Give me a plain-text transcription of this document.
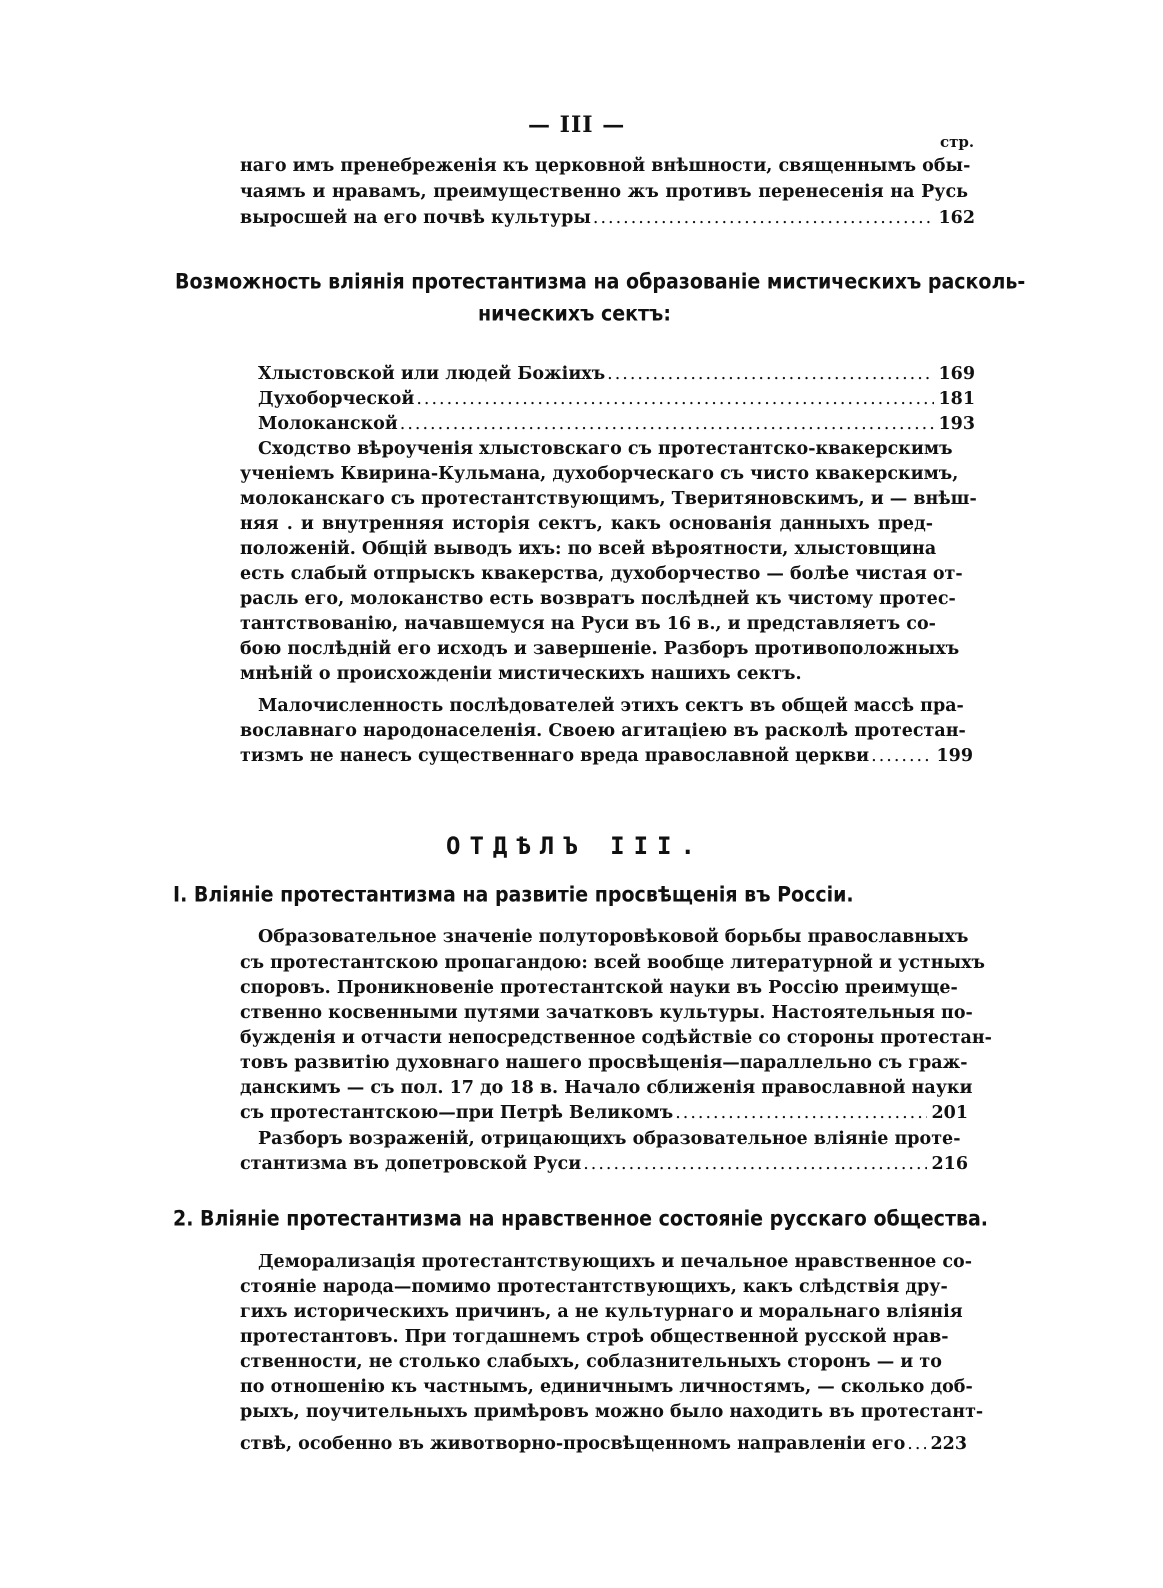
— III —
стр.
наго имъ пренебреженія къ церковной внѣшности, священнымъ обы-
чаямъ и нравамъ, преимущественно жъ противъ перенесенія на Русь
выросшей на его почвѣ культуры .....	162
Возможность вліянія протестантизма на образованіе мистическихъ расколь-
ническихъ сектъ:
Хлыстовской или людей Божіихъ .....	169
Духоборческой .....	181
Молоканской .....	193
Сходство вѣроученія хлыстовскаго съ протестантско-квакерскимъ
ученіемъ Квирина-Кульмана, духоборческаго съ чисто квакерскимъ,
молоканскаго съ протестантствующимъ, Тверитяновскимъ, и — внѣш-
няя . и внутренняя исторія сектъ, какъ основанія данныхъ пред-
положеній. Общій выводъ ихъ: по всей вѣроятности, хлыстовщина
есть слабый отпрыскъ квакерства, духоборчество — болѣе чистая от-
расль его, молоканство есть возвратъ послѣдней къ чистому протес-
тантствованію, начавшемуся на Руси въ 16 в., и представляетъ со-
бою послѣдній его исходъ и завершеніе. Разборъ противоположныхъ
мнѣній о происхожденіи мистическихъ нашихъ сектъ.
Малочисленность послѣдователей этихъ сектъ въ общей массѣ пра-
вославнаго народонаселенія. Своею агитаціею въ расколѣ протестан-
тизмъ не нанесъ существеннаго вреда православной церкви .....	199
ОТДѢЛЪ III.
I. Вліяніе протестантизма на развитіе просвѣщенія въ Россіи.
Образовательное значеніе полуторовѣковой борьбы православныхъ
съ протестантскою пропагандою: всей вообще литературной и устныхъ
споровъ. Проникновеніе протестантской науки въ Россію преимуще-
ственно косвенными путями зачатковъ культуры. Настоятельныя по-
бужденія и отчасти непосредственное содѣйствіе со стороны протестан-
товъ развитію духовнаго нашего просвѣщенія—параллельно съ граж-
данскимъ — съ пол. 17 до 18 в. Начало сближенія православной науки
съ протестантскою—при Петрѣ Великомъ .....	201
Разборъ возраженій, отрицающихъ образовательное вліяніе проте-
стантизма въ допетровской Руси .....	216
2. Вліяніе протестантизма на нравственное состояніе русскаго общества.
Деморализація протестантствующихъ и печальное нравственное со-
стояніе народа—помимо протестантствующихъ, какъ слѣдствія дру-
гихъ историческихъ причинъ, а не культурнаго и моральнаго вліянія
протестантовъ. При тогдашнемъ строѣ общественной русской нрав-
ственности, не столько слабыхъ, соблазнительныхъ сторонъ — и то
по отношенію къ частнымъ, единичнымъ личностямъ, — сколько доб-
рыхъ, поучительныхъ примѣровъ можно было находить въ протестант-
ствѣ, особенно въ животворно-просвѣщенномъ направленіи его ..... 223
